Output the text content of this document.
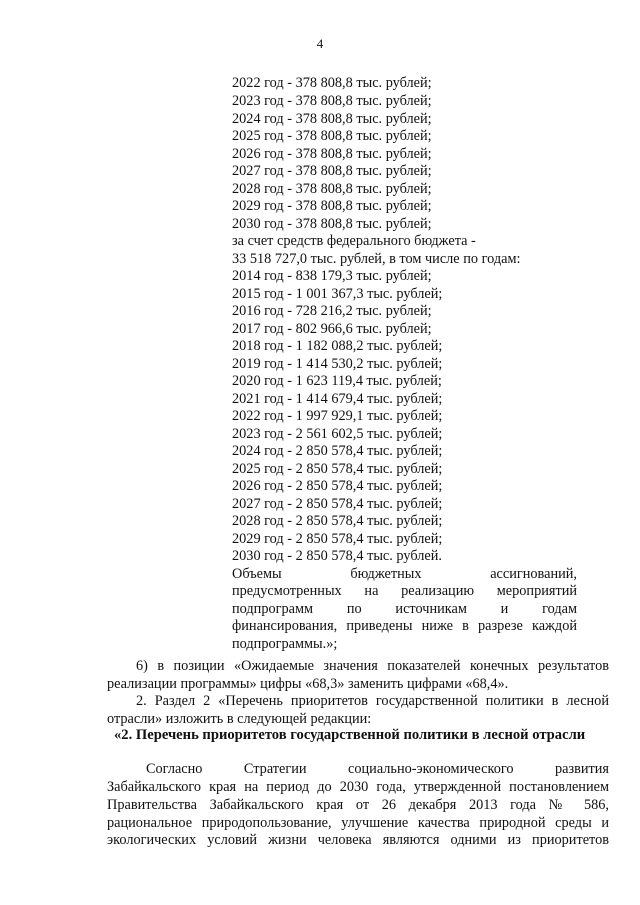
4
2022 год - 378 808,8 тыс. рублей;
2023 год - 378 808,8 тыс. рублей;
2024 год - 378 808,8 тыс. рублей;
2025 год - 378 808,8 тыс. рублей;
2026 год - 378 808,8 тыс. рублей;
2027 год - 378 808,8 тыс. рублей;
2028 год - 378 808,8 тыс. рублей;
2029 год - 378 808,8 тыс. рублей;
2030 год - 378 808,8 тыс. рублей;
за счет средств федерального бюджета -
33 518 727,0 тыс. рублей, в том числе по годам:
2014 год - 838 179,3 тыс. рублей;
2015 год - 1 001 367,3 тыс. рублей;
2016 год - 728 216,2 тыс. рублей;
2017 год - 802 966,6 тыс. рублей;
2018 год - 1 182 088,2 тыс. рублей;
2019 год - 1 414 530,2 тыс. рублей;
2020 год - 1 623 119,4 тыс. рублей;
2021 год - 1 414 679,4 тыс. рублей;
2022 год - 1 997 929,1 тыс. рублей;
2023 год - 2 561 602,5 тыс. рублей;
2024 год - 2 850 578,4 тыс. рублей;
2025 год - 2 850 578,4 тыс. рублей;
2026 год - 2 850 578,4 тыс. рублей;
2027 год - 2 850 578,4 тыс. рублей;
2028 год - 2 850 578,4 тыс. рублей;
2029 год - 2 850 578,4 тыс. рублей;
2030 год - 2 850 578,4 тыс. рублей.
Объемы бюджетных ассигнований,
предусмотренных на реализацию мероприятий
подпрограмм по источникам и годам
финансирования, приведены ниже в разрезе каждой
подпрограммы.»;
6) в позиции «Ожидаемые значения показателей конечных результатов
реализации программы» цифры «68,3» заменить цифрами «68,4».
2. Раздел 2 «Перечень приоритетов государственной политики в лесной
отрасли» изложить в следующей редакции:
«2. Перечень приоритетов государственной политики в лесной отрасли
Согласно Стратегии социально-экономического развития
Забайкальского края на период до 2030 года, утвержденной постановлением
Правительства Забайкальского края от 26 декабря 2013 года № 586,
рациональное природопользование, улучшение качества природной среды и
экологических условий жизни человека являются одними из приоритетов
